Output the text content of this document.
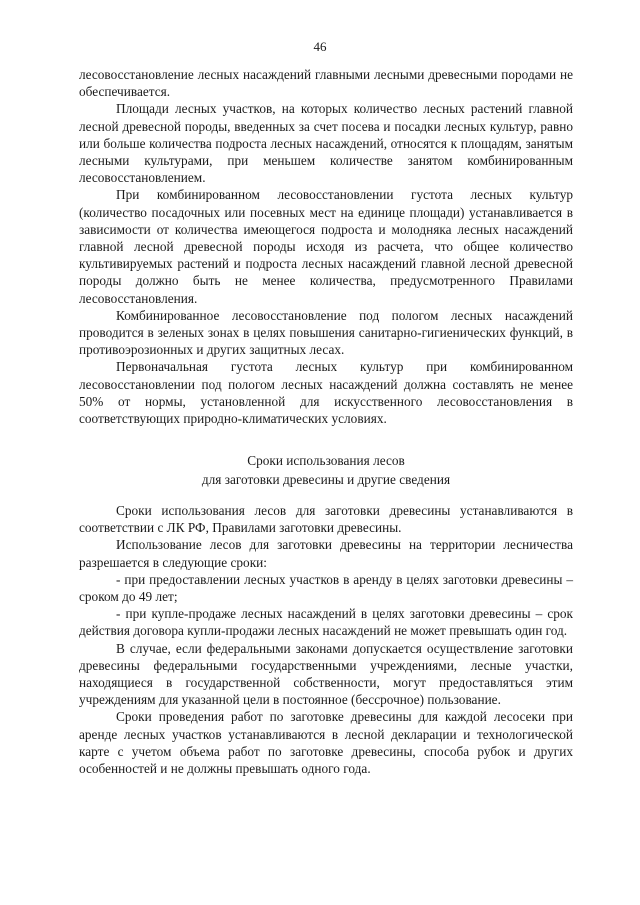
46

лесовосстановление лесных насаждений главными лесными древесными породами не обеспечивается.

Площади лесных участков, на которых количество лесных растений главной лесной древесной породы, введенных за счет посева и посадки лесных культур, равно или больше количества подроста лесных насаждений, относятся к площадям, занятым лесными культурами, при меньшем количестве занятом комбинированным лесовосстановлением.

При комбинированном лесовосстановлении густота лесных культур (количество посадочных или посевных мест на единице площади) устанавливается в зависимости от количества имеющегося подроста и молодняка лесных насаждений главной лесной древесной породы исходя из расчета, что общее количество культивируемых растений и подроста лесных насаждений главной лесной древесной породы должно быть не менее количества, предусмотренного Правилами лесовосстановления.

Комбинированное лесовосстановление под пологом лесных насаждений проводится в зеленых зонах в целях повышения санитарно-гигиенических функций, в противоэрозионных и других защитных лесах.

Первоначальная густота лесных культур при комбинированном лесовосстановлении под пологом лесных насаждений должна составлять не менее 50% от нормы, установленной для искусственного лесовосстановления в соответствующих природно-климатических условиях.

Сроки использования лесов
для заготовки древесины и другие сведения

Сроки использования лесов для заготовки древесины устанавливаются в соответствии с ЛК РФ, Правилами заготовки древесины.

Использование лесов для заготовки древесины на территории лесничества разрешается в следующие сроки:

- при предоставлении лесных участков в аренду в целях заготовки древесины – сроком до 49 лет;

- при купле-продаже лесных насаждений в целях заготовки древесины – срок действия договора купли-продажи лесных насаждений не может превышать один год.

В случае, если федеральными законами допускается осуществление заготовки древесины федеральными государственными учреждениями, лесные участки, находящиеся в государственной собственности, могут предоставляться этим учреждениям для указанной цели в постоянное (бессрочное) пользование.

Сроки проведения работ по заготовке древесины для каждой лесосеки при аренде лесных участков устанавливаются в лесной декларации и технологической карте с учетом объема работ по заготовке древесины, способа рубок и других особенностей и не должны превышать одного года.
